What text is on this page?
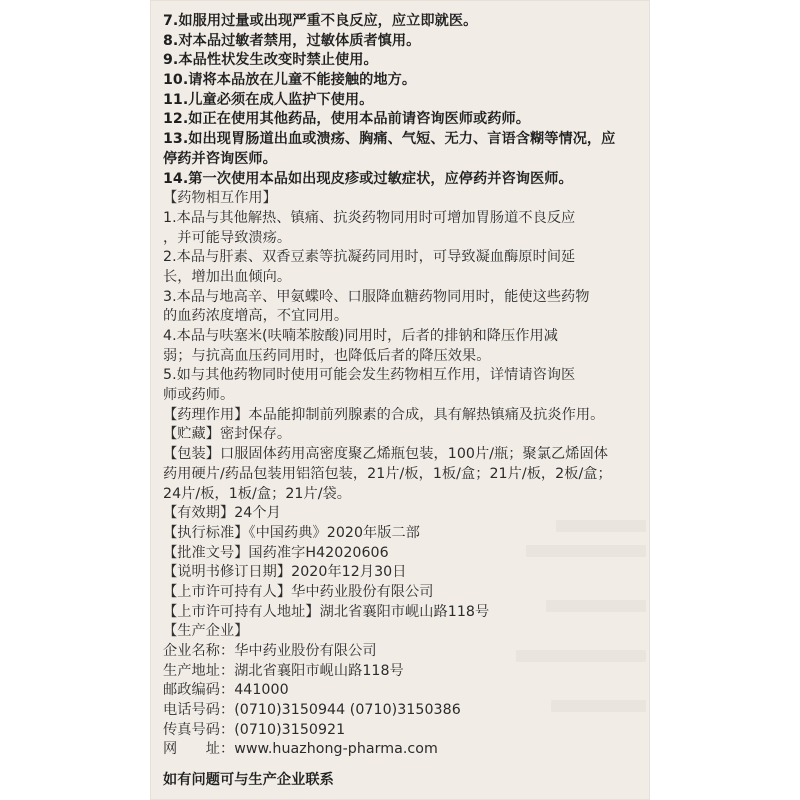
7.如服用过量或出现严重不良反应，应立即就医。
8.对本品过敏者禁用，过敏体质者慎用。
9.本品性状发生改变时禁止使用。
10.请将本品放在儿童不能接触的地方。
11.儿童必须在成人监护下使用。
12.如正在使用其他药品，使用本品前请咨询医师或药师。
13.如出现胃肠道出血或溃疡、胸痛、气短、无力、言语含糊等情况，应
停药并咨询医师。
14.第一次使用本品如出现皮疹或过敏症状，应停药并咨询医师。
【药物相互作用】
1.本品与其他解热、镇痛、抗炎药物同用时可增加胃肠道不良反应
，并可能导致溃疡。
2.本品与肝素、双香豆素等抗凝药同用时，可导致凝血酶原时间延
长，增加出血倾向。
3.本品与地高辛、甲氨蝶呤、口服降血糖药物同用时，能使这些药物
的血药浓度增高，不宜同用。
4.本品与呋塞米(呋喃苯胺酸)同用时，后者的排钠和降压作用减
弱；与抗高血压药同用时，也降低后者的降压效果。
5.如与其他药物同时使用可能会发生药物相互作用，详情请咨询医
师或药师。
【药理作用】本品能抑制前列腺素的合成，具有解热镇痛及抗炎作用。
【贮藏】密封保存。
【包装】口服固体药用高密度聚乙烯瓶包装，100片/瓶；聚氯乙烯固体
药用硬片/药品包装用铝箔包装，21片/板，1板/盒；21片/板，2板/盒；
24片/板，1板/盒；21片/袋。
【有效期】24个月
【执行标准】《中国药典》2020年版二部
【批准文号】国药准字H42020606
【说明书修订日期】2020年12月30日
【上市许可持有人】华中药业股份有限公司
【上市许可持有人地址】湖北省襄阳市岘山路118号
【生产企业】
企业名称：华中药业股份有限公司
生产地址：湖北省襄阳市岘山路118号
邮政编码：441000
电话号码：(0710)3150944 (0710)3150386
传真号码：(0710)3150921
网　　址：www.huazhong-pharma.com
如有问题可与生产企业联系
